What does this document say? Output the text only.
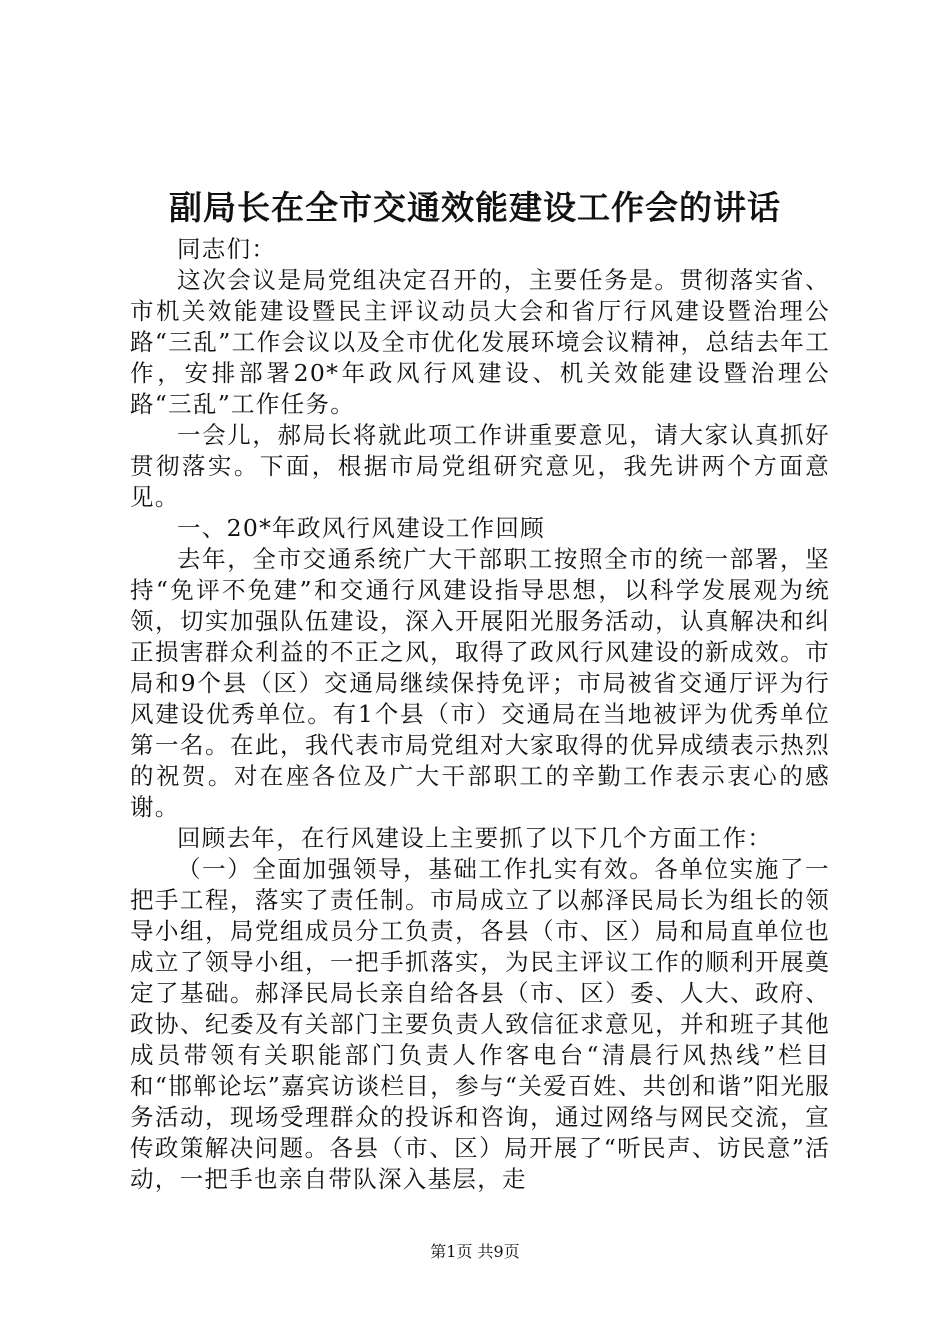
副局长在全市交通效能建设工作会的讲话

同志们：

这次会议是局党组决定召开的，主要任务是。贯彻落实省、市机关效能建设暨民主评议动员大会和省厅行风建设暨治理公路“三乱”工作会议以及全市优化发展环境会议精神，总结去年工作，安排部署20*年政风行风建设、机关效能建设暨治理公路“三乱”工作任务。

一会儿，郝局长将就此项工作讲重要意见，请大家认真抓好贯彻落实。下面，根据市局党组研究意见，我先讲两个方面意见。

一、20*年政风行风建设工作回顾

去年，全市交通系统广大干部职工按照全市的统一部署，坚持“免评不免建”和交通行风建设指导思想，以科学发展观为统领，切实加强队伍建设，深入开展阳光服务活动，认真解决和纠正损害群众利益的不正之风，取得了政风行风建设的新成效。市局和9个县（区）交通局继续保持免评；市局被省交通厅评为行风建设优秀单位。有1个县（市）交通局在当地被评为优秀单位第一名。在此，我代表市局党组对大家取得的优异成绩表示热烈的祝贺。对在座各位及广大干部职工的辛勤工作表示衷心的感谢。

回顾去年，在行风建设上主要抓了以下几个方面工作：

（一）全面加强领导，基础工作扎实有效。各单位实施了一把手工程，落实了责任制。市局成立了以郝泽民局长为组长的领导小组，局党组成员分工负责，各县（市、区）局和局直单位也成立了领导小组，一把手抓落实，为民主评议工作的顺利开展奠定了基础。郝泽民局长亲自给各县（市、区）委、人大、政府、政协、纪委及有关部门主要负责人致信征求意见，并和班子其他成员带领有关职能部门负责人作客电台“清晨行风热线”栏目和“邯郸论坛”嘉宾访谈栏目，参与“关爱百姓、共创和谐”阳光服务活动，现场受理群众的投诉和咨询，通过网络与网民交流，宣传政策解决问题。各县（市、区）局开展了“听民声、访民意”活动，一把手也亲自带队深入基层，走

第1页 共9页
